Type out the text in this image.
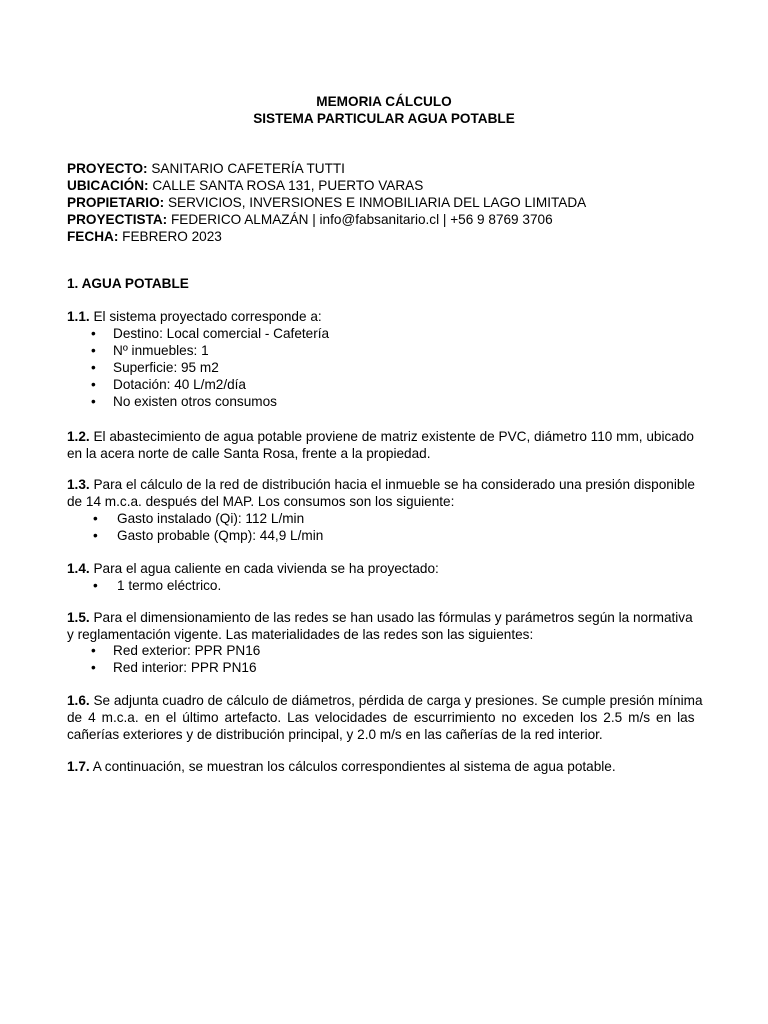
MEMORIA CÁLCULO
SISTEMA PARTICULAR AGUA POTABLE
PROYECTO: SANITARIO CAFETERÍA TUTTI
UBICACIÓN: CALLE SANTA ROSA 131, PUERTO VARAS
PROPIETARIO: SERVICIOS, INVERSIONES E INMOBILIARIA DEL LAGO LIMITADA
PROYECTISTA: FEDERICO ALMAZÁN | info@fabsanitario.cl | +56 9 8769 3706
FECHA: FEBRERO 2023
1. AGUA POTABLE
1.1. El sistema proyectado corresponde a:
• Destino: Local comercial - Cafetería
• Nº inmuebles: 1
• Superficie: 95 m2
• Dotación: 40 L/m2/día
• No existen otros consumos
1.2. El abastecimiento de agua potable proviene de matriz existente de PVC, diámetro 110 mm, ubicado
en la acera norte de calle Santa Rosa, frente a la propiedad.
1.3. Para el cálculo de la red de distribución hacia el inmueble se ha considerado una presión disponible
de 14 m.c.a. después del MAP. Los consumos son los siguiente:
• Gasto instalado (Qi): 112 L/min
• Gasto probable (Qmp): 44,9 L/min
1.4. Para el agua caliente en cada vivienda se ha proyectado:
• 1 termo eléctrico.
1.5. Para el dimensionamiento de las redes se han usado las fórmulas y parámetros según la normativa
y reglamentación vigente. Las materialidades de las redes son las siguientes:
• Red exterior: PPR PN16
• Red interior: PPR PN16
1.6. Se adjunta cuadro de cálculo de diámetros, pérdida de carga y presiones. Se cumple presión mínima
de 4 m.c.a. en el último artefacto. Las velocidades de escurrimiento no exceden los 2.5 m/s en las
cañerías exteriores y de distribución principal, y 2.0 m/s en las cañerías de la red interior.
1.7. A continuación, se muestran los cálculos correspondientes al sistema de agua potable.
